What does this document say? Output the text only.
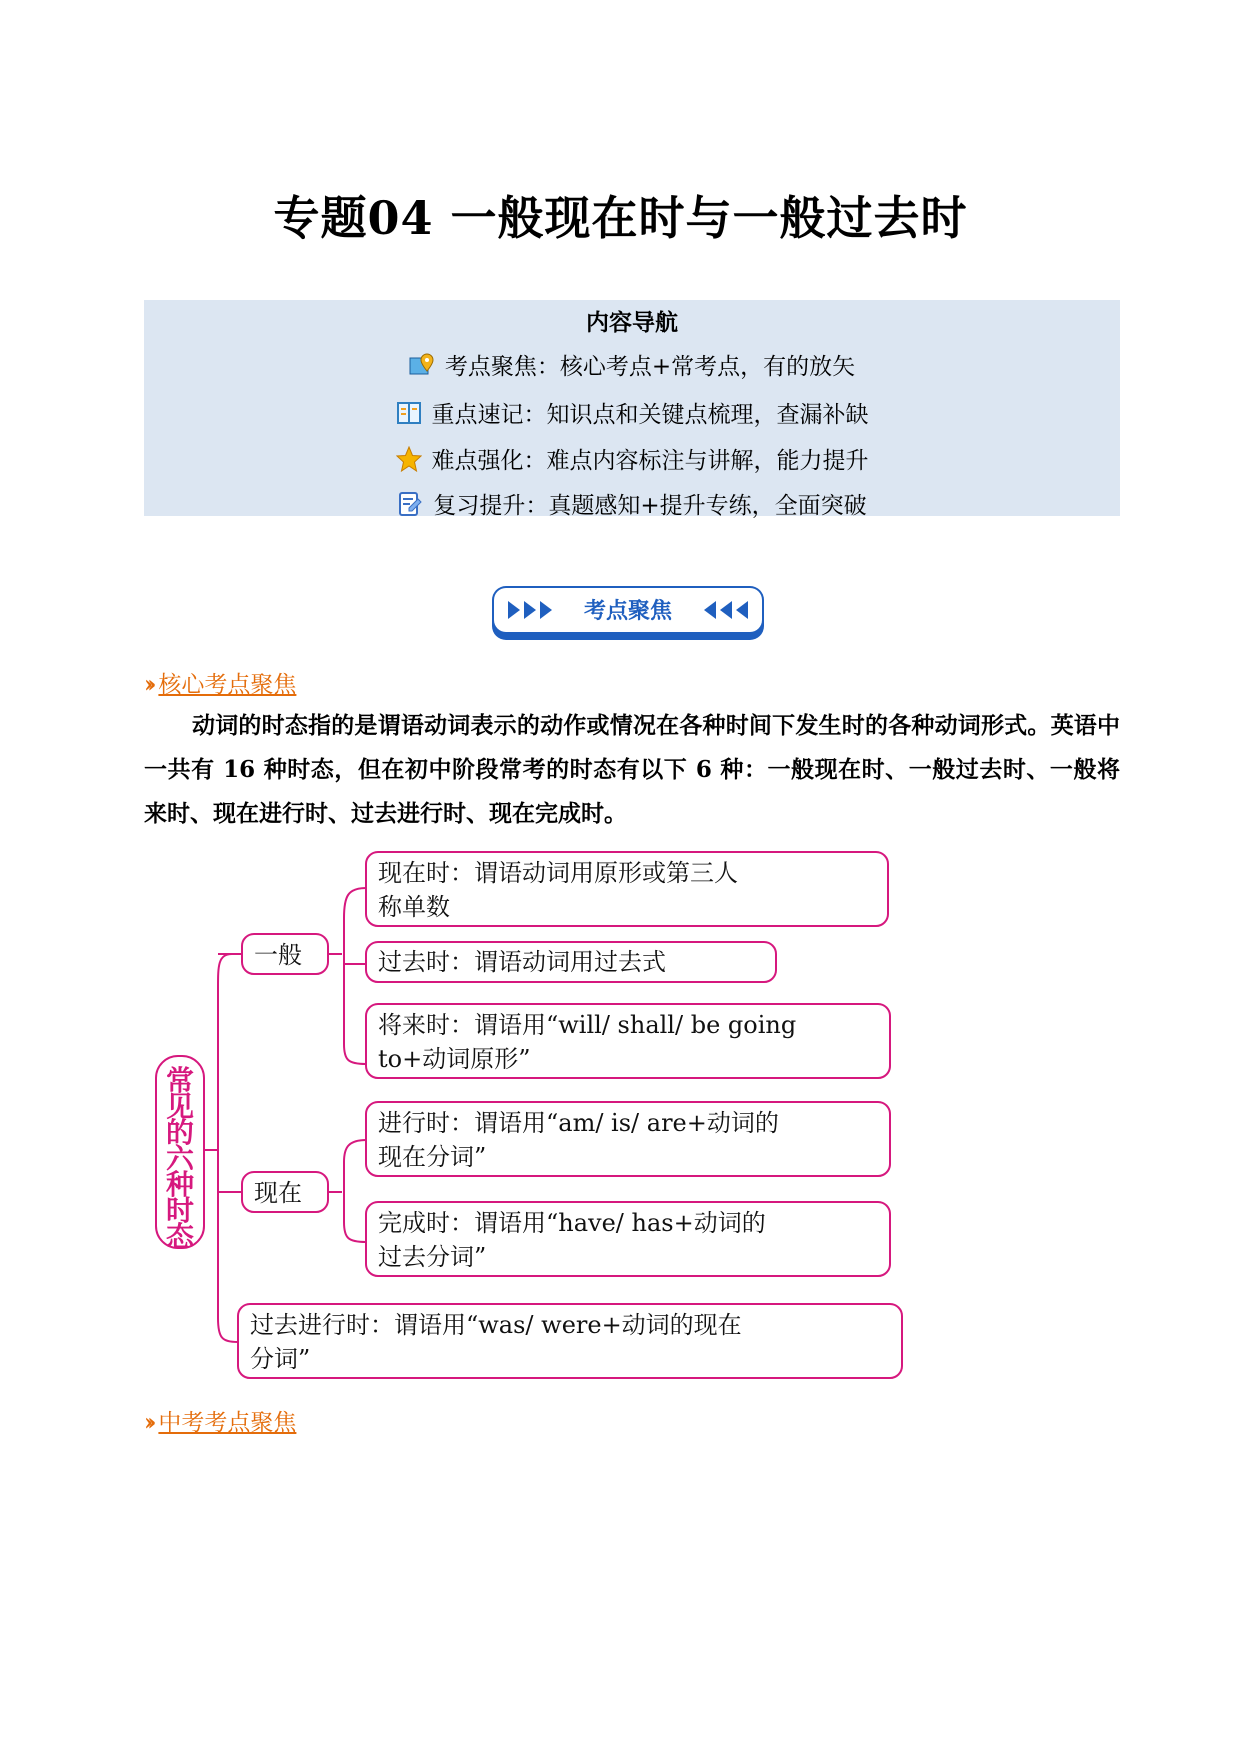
专题04 一般现在时与一般过去时
内容导航
考点聚焦：核心考点+常考点，有的放矢
重点速记：知识点和关键点梳理，查漏补缺
难点强化：难点内容标注与讲解，能力提升
复习提升：真题感知+提升专练，全面突破
考点聚焦
›› 核心考点聚焦
动词的时态指的是谓语动词表示的动作或情况在各种时间下发生时的各种动词形式。英语中一共有 16 种时态，但在初中阶段常考的时态有以下 6 种：一般现在时、一般过去时、一般将来时、现在进行时、过去进行时、现在完成时。
常
见
的
六
种
时
态
一般
现在
现在时：谓语动词用原形或第三人
称单数
过去时：谓语动词用过去式
将来时：谓语用“will/ shall/ be going
to+动词原形”
进行时：谓语用“am/ is/ are+动词的
现在分词”
完成时：谓语用“have/ has+动词的
过去分词”
过去进行时：谓语用“was/ were+动词的现在
分词”
›› 中考考点聚焦
